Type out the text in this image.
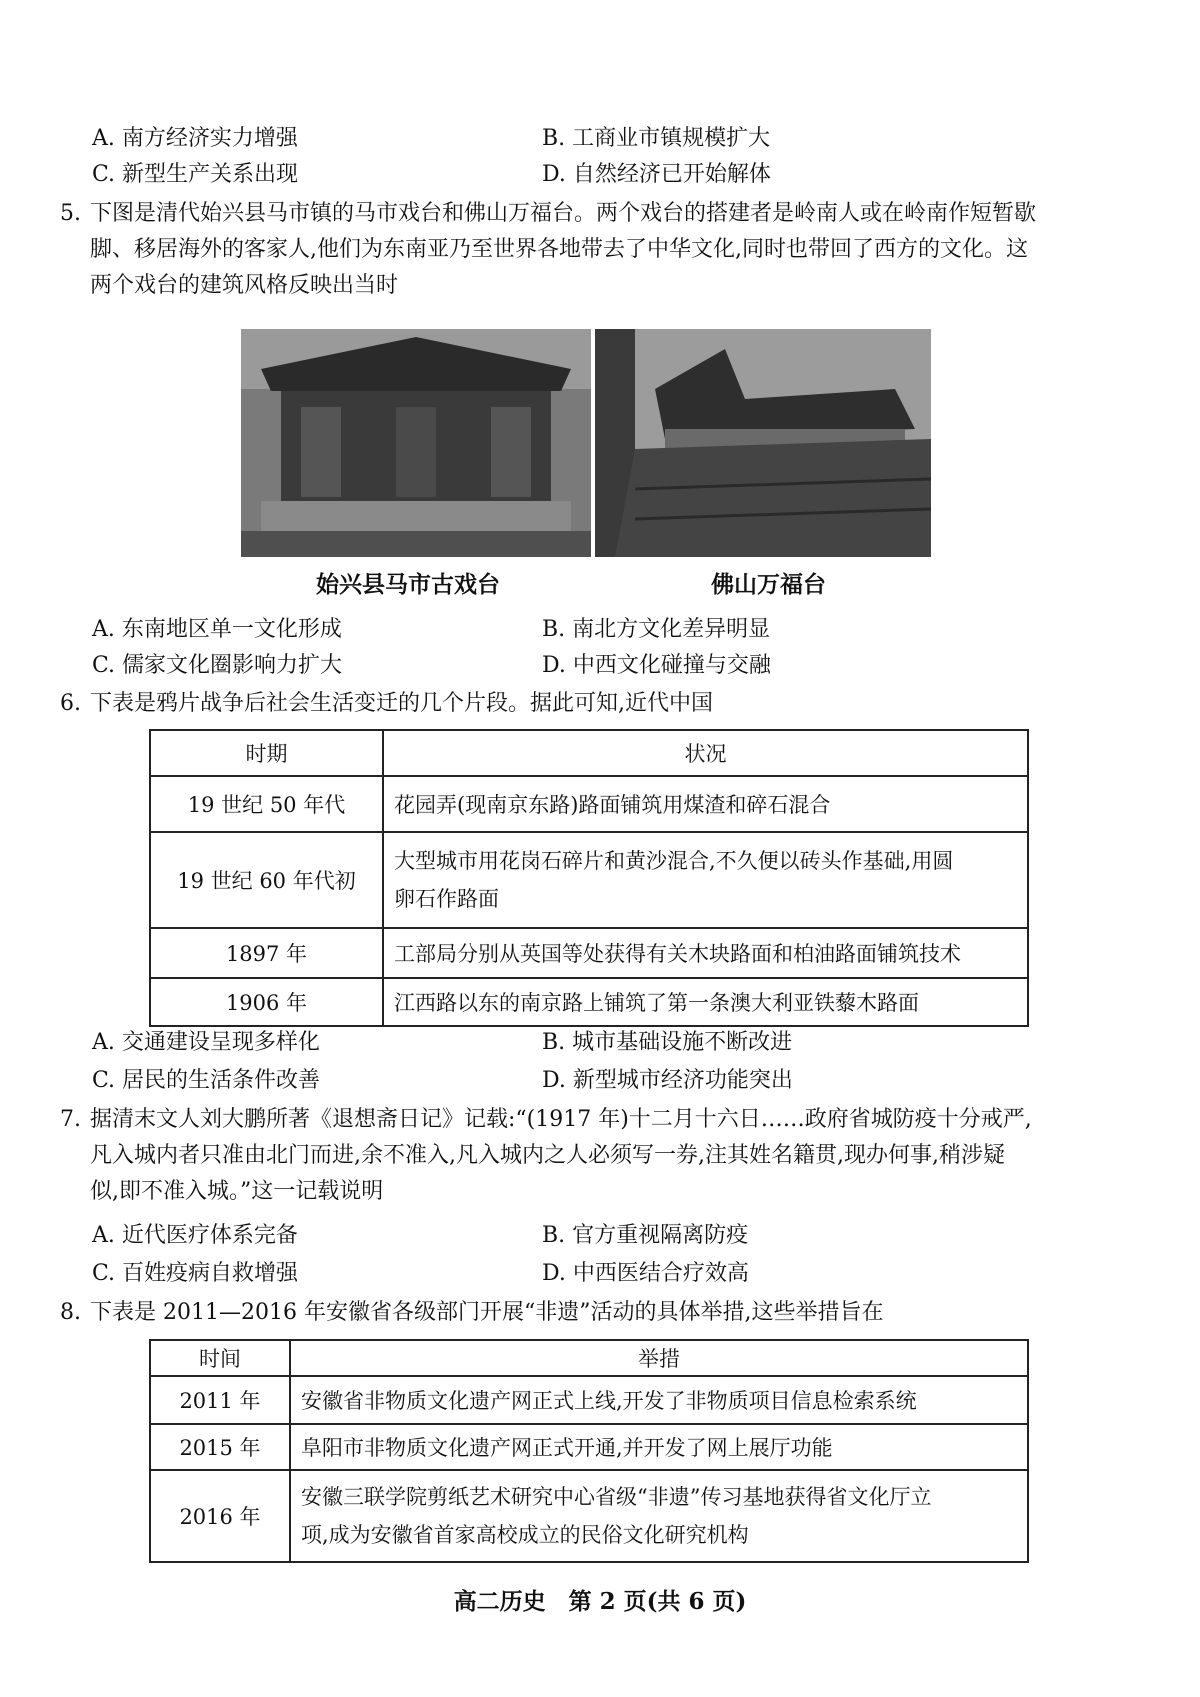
A. 南方经济实力增强	B. 工商业市镇规模扩大
C. 新型生产关系出现	D. 自然经济已开始解体
5. 下图是清代始兴县马市镇的马市戏台和佛山万福台。两个戏台的搭建者是岭南人或在岭南作短暂歇
脚、移居海外的客家人,他们为东南亚乃至世界各地带去了中华文化,同时也带回了西方的文化。这
两个戏台的建筑风格反映出当时
始兴县马市古戏台	佛山万福台
A. 东南地区单一文化形成	B. 南北方文化差异明显
C. 儒家文化圈影响力扩大	D. 中西文化碰撞与交融
6. 下表是鸦片战争后社会生活变迁的几个片段。据此可知,近代中国
时期	状况
19 世纪 50 年代	花园弄(现南京东路)路面铺筑用煤渣和碎石混合
19 世纪 60 年代初	大型城市用花岗石碎片和黄沙混合,不久便以砖头作基础,用圆
卵石作路面
1897 年	工部局分别从英国等处获得有关木块路面和柏油路面铺筑技术
1906 年	江西路以东的南京路上铺筑了第一条澳大利亚铁藜木路面
A. 交通建设呈现多样化	B. 城市基础设施不断改进
C. 居民的生活条件改善	D. 新型城市经济功能突出
7. 据清末文人刘大鹏所著《退想斋日记》记载:“(1917 年)十二月十六日……政府省城防疫十分戒严,
凡入城内者只准由北门而进,余不准入,凡入城内之人必须写一券,注其姓名籍贯,现办何事,稍涉疑
似,即不准入城。”这一记载说明
A. 近代医疗体系完备	B. 官方重视隔离防疫
C. 百姓疫病自救增强	D. 中西医结合疗效高
8. 下表是 2011—2016 年安徽省各级部门开展“非遗”活动的具体举措,这些举措旨在
时间	举措
2011 年	安徽省非物质文化遗产网正式上线,开发了非物质项目信息检索系统
2015 年	阜阳市非物质文化遗产网正式开通,并开发了网上展厅功能
2016 年	安徽三联学院剪纸艺术研究中心省级“非遗”传习基地获得省文化厅立
项,成为安徽省首家高校成立的民俗文化研究机构
高二历史　第 2 页(共 6 页)
